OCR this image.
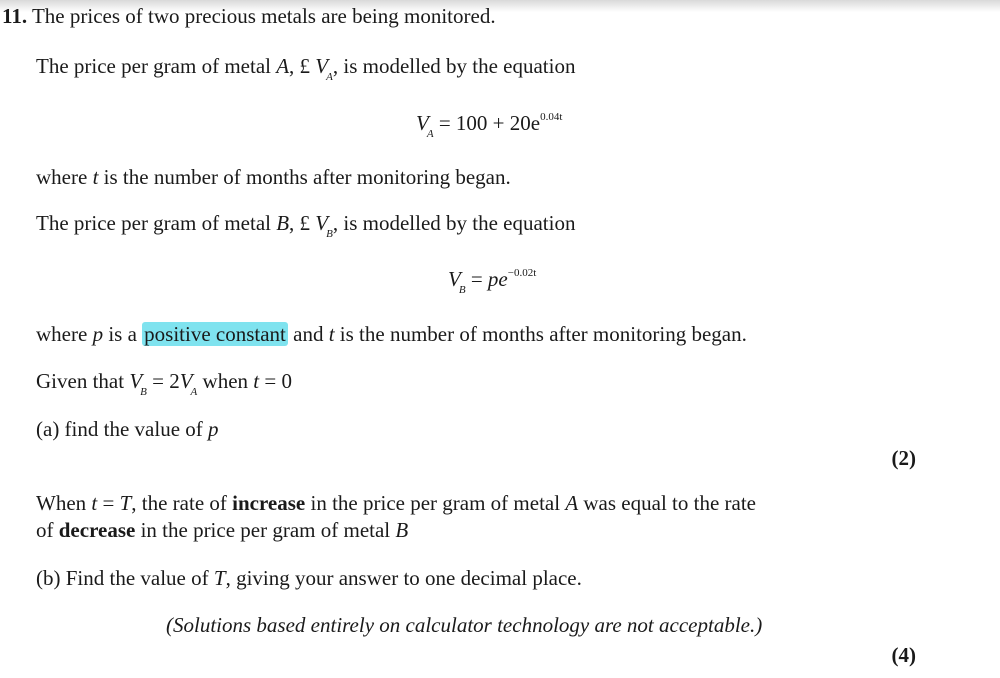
11. The prices of two precious metals are being monitored.
The price per gram of metal A, £ $V_A$, is modelled by the equation
$V_A = 100 + 20e^{0.04t}$
where t is the number of months after monitoring began.
The price per gram of metal B, £ $V_B$, is modelled by the equation
$V_B = pe^{-0.02t}$
where p is a positive constant and t is the number of months after monitoring began.
Given that $V_B = 2V_A$ when t = 0
(a) find the value of p
(2)
When t = T, the rate of increase in the price per gram of metal A was equal to the rate
of decrease in the price per gram of metal B
(b) Find the value of T, giving your answer to one decimal place.
(Solutions based entirely on calculator technology are not acceptable.)
(4)
